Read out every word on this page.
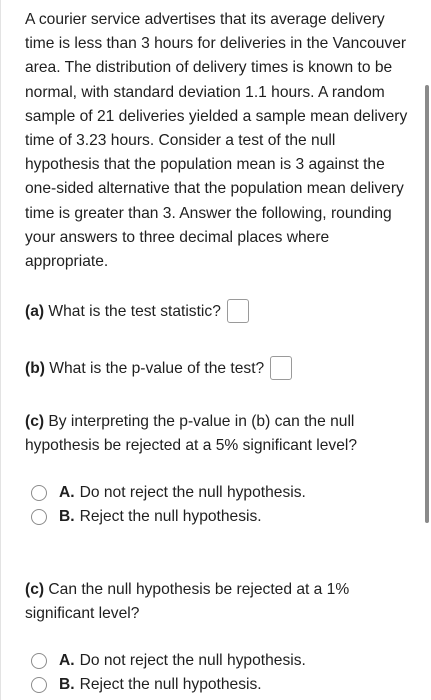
A courier service advertises that its average delivery time is less than 3 hours for deliveries in the Vancouver area. The distribution of delivery times is known to be normal, with standard deviation 1.1 hours. A random sample of 21 deliveries yielded a sample mean delivery time of 3.23 hours. Consider a test of the null hypothesis that the population mean is 3 against the one-sided alternative that the population mean delivery time is greater than 3. Answer the following, rounding your answers to three decimal places where appropriate.

(a) What is the test statistic?

(b) What is the p-value of the test?

(c) By interpreting the p-value in (b) can the null hypothesis be rejected at a 5% significant level?

A. Do not reject the null hypothesis.
B. Reject the null hypothesis.

(c) Can the null hypothesis be rejected at a 1% significant level?

A. Do not reject the null hypothesis.
B. Reject the null hypothesis.
